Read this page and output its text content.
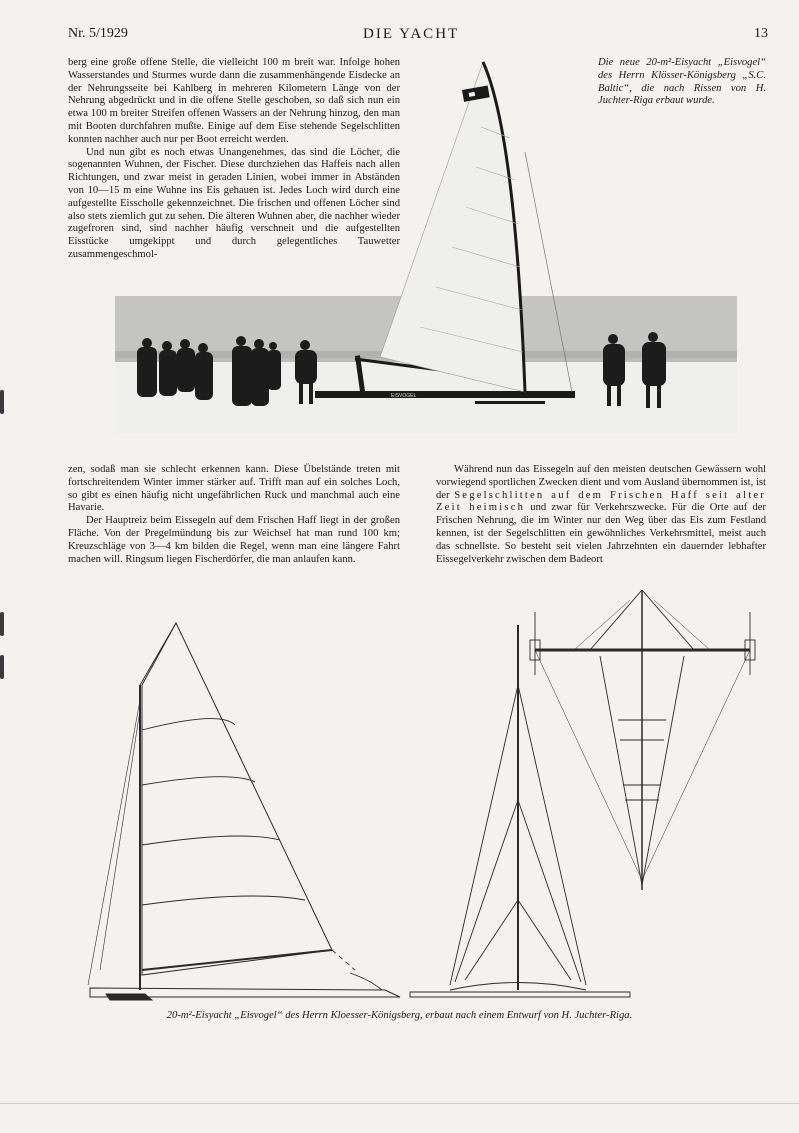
Nr. 5/1929	DIE YACHT	13

berg eine große offene Stelle, die vielleicht 100 m breit war. Infolge hohen Wasserstandes und Sturmes wurde dann die zusammenhängende Eisdecke an der Nehrungsseite bei Kahlberg in mehreren Kilometern Länge von der Nehrung abgedrückt und in die offene Stelle geschoben, so daß sich nun ein etwa 100 m breiter Streifen offenen Wassers an der Nehrung hinzog, den man mit Booten durchfahren mußte. Einige auf dem Eise stehende Segelschlitten konnten nachher auch nur per Boot erreicht werden.

Und nun gibt es noch etwas Unangenehmes, das sind die Löcher, die sogenannten Wuhnen, der Fischer. Diese durchziehen das Haffeis nach allen Richtungen, und zwar meist in geraden Linien, wobei immer in Abständen von 10—15 m eine Wuhne ins Eis gehauen ist. Jedes Loch wird durch eine aufgestellte Eisscholle gekennzeichnet. Die frischen und offenen Löcher sind also stets ziemlich gut zu sehen. Die älteren Wuhnen aber, die nachher wieder zugefroren sind, sind nachher häufig verschneit und die aufgestellten Eisstücke umgekippt und durch gelegentliches Tauwetter zusammengeschmol-

Die neue 20-m²-Eisyacht „Eisvogel“ des Herrn Klösser-Königsberg „S.C. Baltic“, die nach Rissen von H. Juchter-Riga erbaut wurde.
EISVOGEL

zen, sodaß man sie schlecht erkennen kann. Diese Übelstände treten mit fortschreitendem Winter immer stärker auf. Trifft man auf ein solches Loch, so gibt es einen häufig nicht ungefährlichen Ruck und manchmal auch eine Havarie.

Der Hauptreiz beim Eissegeln auf dem Frischen Haff liegt in der großen Fläche. Von der Pregelmündung bis zur Weichsel hat man rund 100 km; Kreuzschläge von 3—4 km bilden die Regel, wenn man eine längere Fahrt machen will. Ringsum liegen Fischerdörfer, die man anlaufen kann.

Während nun das Eissegeln auf den meisten deutschen Gewässern wohl vorwiegend sportlichen Zwecken dient und vom Ausland übernommen ist, ist der Segelschlitten auf dem Frischen Haff seit alter Zeit heimisch und zwar für Verkehrszwecke. Für die Orte auf der Frischen Nehrung, die im Winter nur den Weg über das Eis zum Festland kennen, ist der Segelschlitten ein gewöhnliches Verkehrsmittel, meist auch das schnellste. So besteht seit vielen Jahrzehnten ein dauernder lebhafter Eissegelverkehr zwischen dem Badeort

20-m²-Eisyacht „Eisvogel“ des Herrn Kloesser-Königsberg, erbaut nach einem Entwurf von H. Juchter-Riga.
